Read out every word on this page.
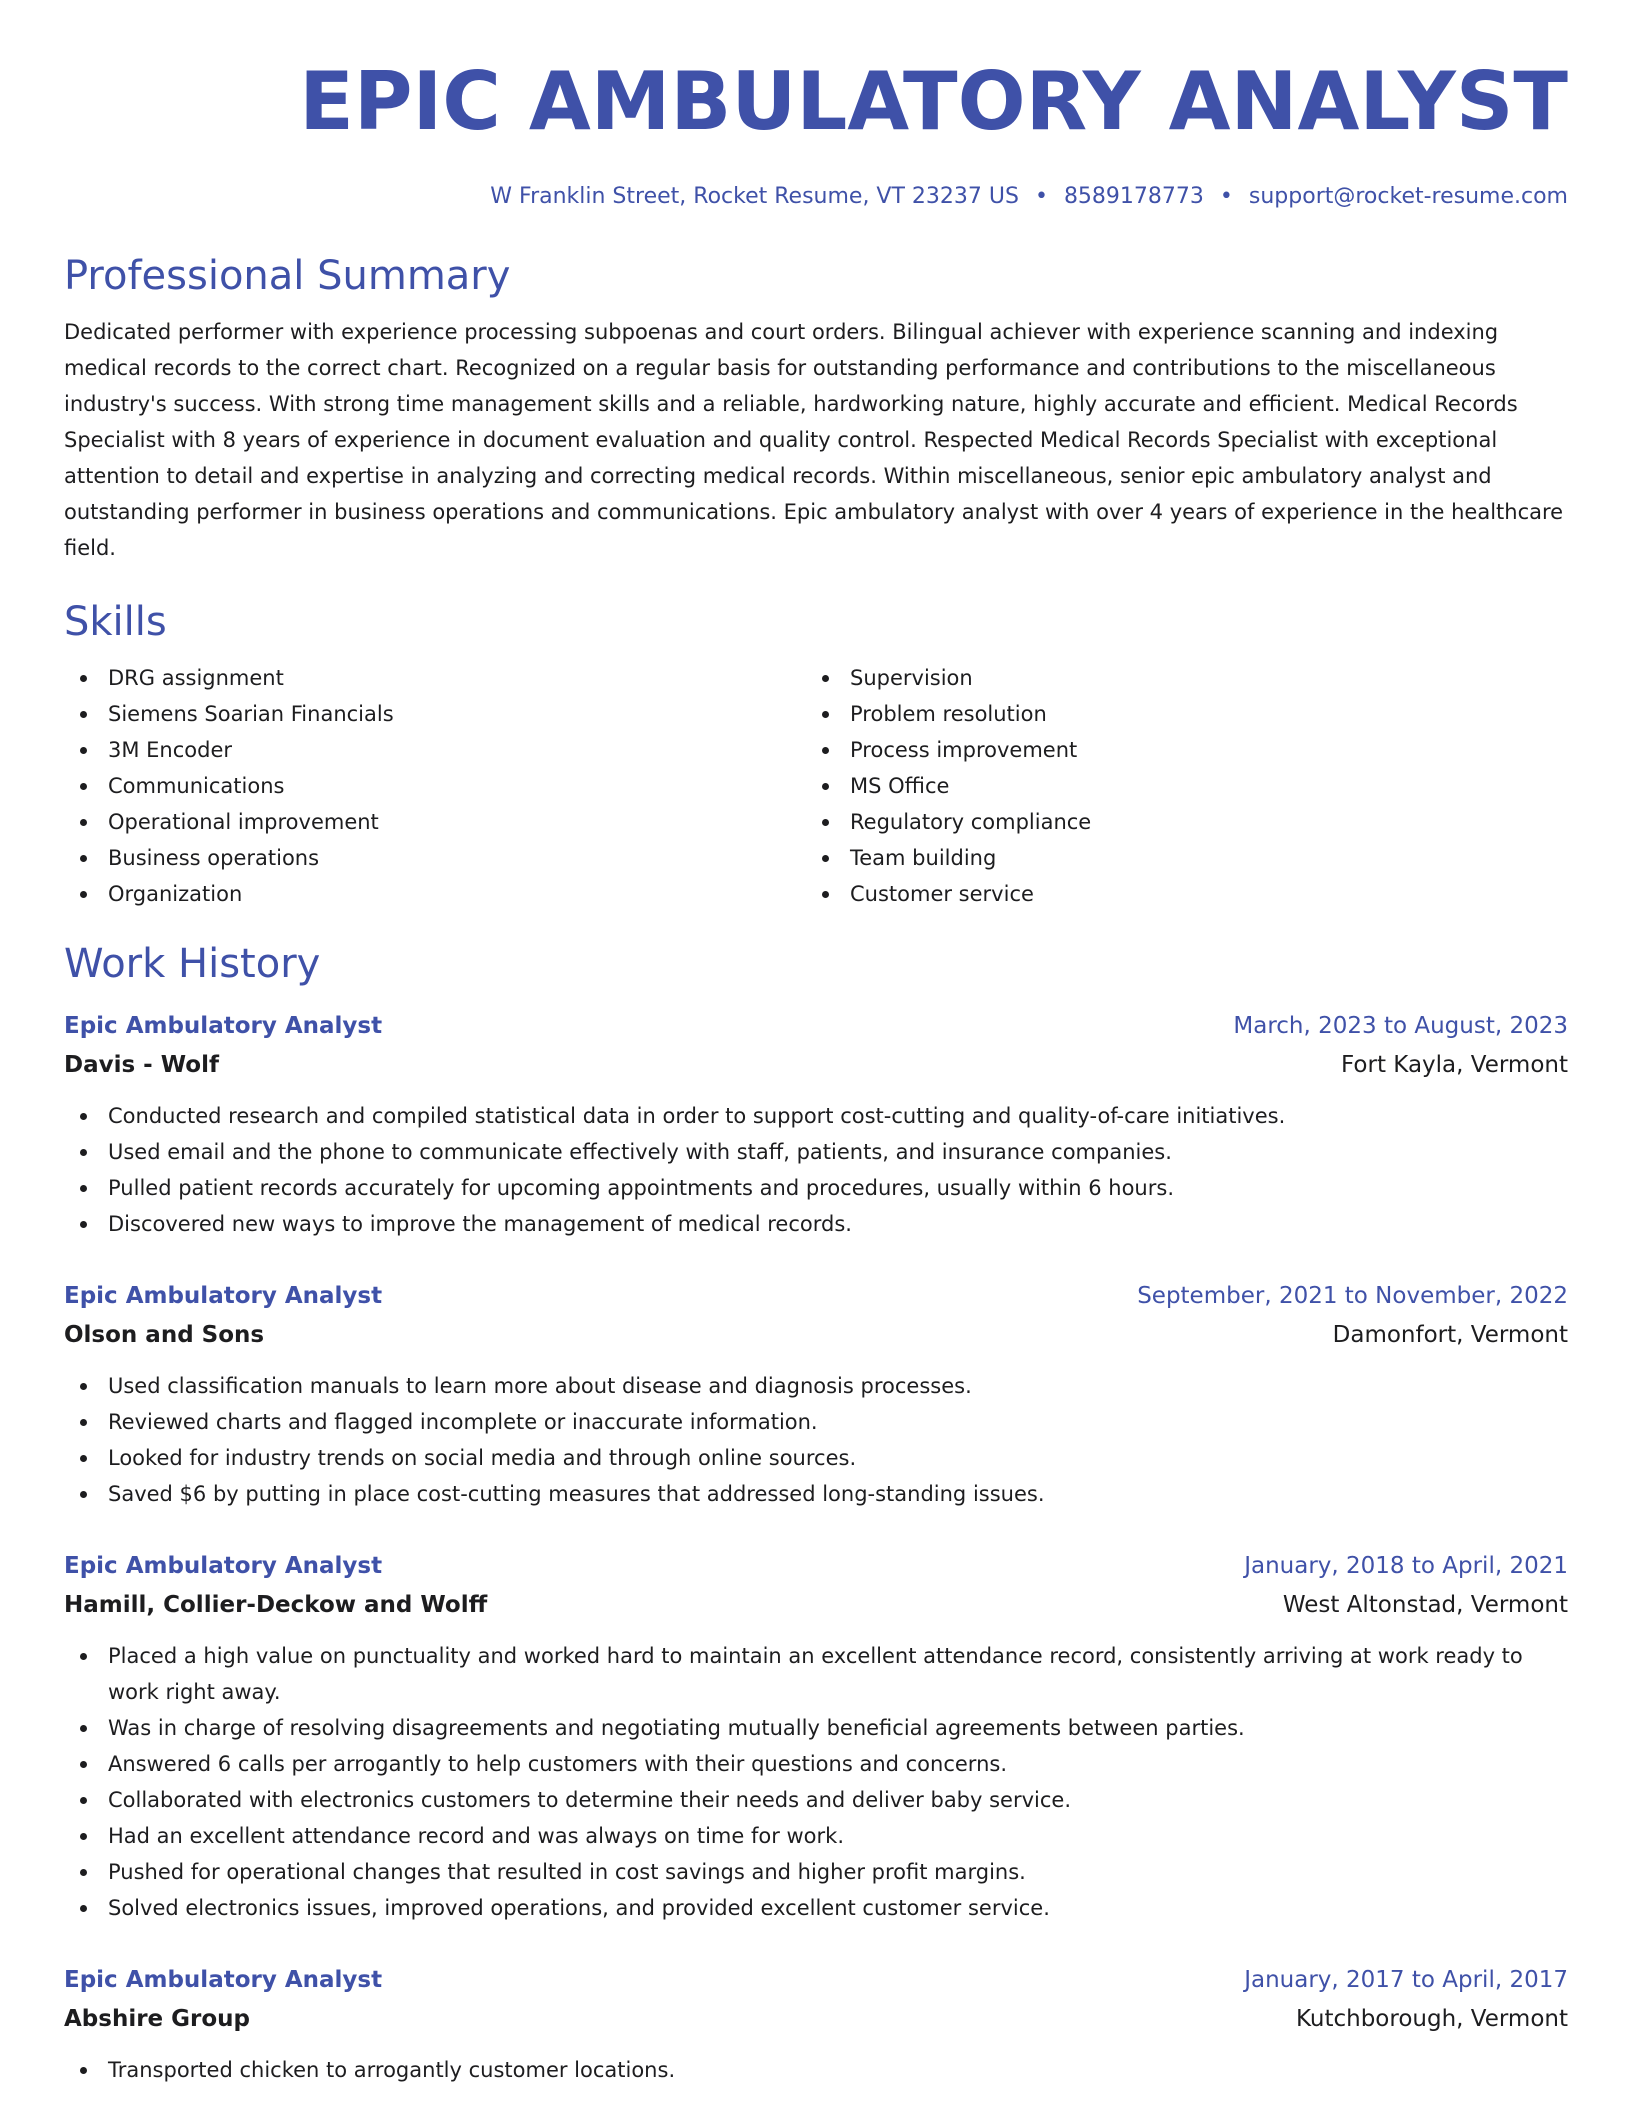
EPIC AMBULATORY ANALYST
W Franklin Street, Rocket Resume, VT 23237 US • 8589178773 • support@rocket-resume.com
Professional Summary

Dedicated performer with experience processing subpoenas and court orders. Bilingual achiever with experience scanning and indexing medical records to the correct chart. Recognized on a regular basis for outstanding performance and contributions to the miscellaneous industry's success. With strong time management skills and a reliable, hardworking nature, highly accurate and efficient. Medical Records Specialist with 8 years of experience in document evaluation and quality control. Respected Medical Records Specialist with exceptional attention to detail and expertise in analyzing and correcting medical records. Within miscellaneous, senior epic ambulatory analyst and outstanding performer in business operations and communications. Epic ambulatory analyst with over 4 years of experience in the healthcare field.

Skills
DRG assignment
Siemens Soarian Financials
3M Encoder
Communications
Operational improvement
Business operations
Organization
Supervision
Problem resolution
Process improvement
MS Office
Regulatory compliance
Team building
Customer service
Work History
Epic Ambulatory Analyst	March, 2023 to August, 2023
Davis - Wolf	Fort Kayla, Vermont
Conducted research and compiled statistical data in order to support cost-cutting and quality-of-care initiatives.
Used email and the phone to communicate effectively with staff, patients, and insurance companies.
Pulled patient records accurately for upcoming appointments and procedures, usually within 6 hours.
Discovered new ways to improve the management of medical records.
Epic Ambulatory Analyst	September, 2021 to November, 2022
Olson and Sons	Damonfort, Vermont
Used classification manuals to learn more about disease and diagnosis processes.
Reviewed charts and flagged incomplete or inaccurate information.
Looked for industry trends on social media and through online sources.
Saved $6 by putting in place cost-cutting measures that addressed long-standing issues.
Epic Ambulatory Analyst	January, 2018 to April, 2021
Hamill, Collier-Deckow and Wolff	West Altonstad, Vermont
Placed a high value on punctuality and worked hard to maintain an excellent attendance record, consistently arriving at work ready to work right away.
Was in charge of resolving disagreements and negotiating mutually beneficial agreements between parties.
Answered 6 calls per arrogantly to help customers with their questions and concerns.
Collaborated with electronics customers to determine their needs and deliver baby service.
Had an excellent attendance record and was always on time for work.
Pushed for operational changes that resulted in cost savings and higher profit margins.
Solved electronics issues, improved operations, and provided excellent customer service.
Epic Ambulatory Analyst	January, 2017 to April, 2017
Abshire Group	Kutchborough, Vermont
Transported chicken to arrogantly customer locations.
